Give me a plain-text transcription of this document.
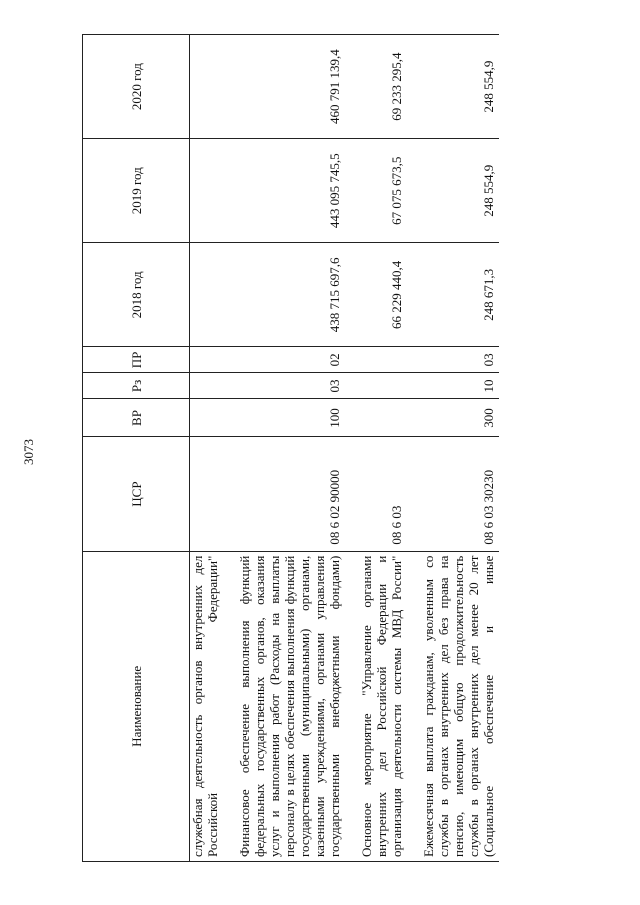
3073
Наименование	ЦСР	ВР	Рз	ПР	2018 год	2019 год	2020 год
служебная деятельность органов внутренних дел Российской Федерации"							

Финансовое обеспечение выполнения функций федеральных государственных органов, оказания услуг и выполнения работ (Расходы на выплаты персоналу в целях обеспечения выполнения функций государственными (муниципальными) органами, казенными учреждениями, органами управления государственными внебюджетными фондами)	08 6 02 90000	100	03	02	438 715 697,6	443 095 745,5	460 791 139,4

Основное мероприятие "Управление органами внутренних дел Российской Федерации и организация деятельности системы МВД России"	08 6 03				66 229 440,4	67 075 673,5	69 233 295,4

Ежемесячная выплата гражданам, уволенным со службы в органах внутренних дел без права на пенсию, имеющим общую продолжительность службы в органах внутренних дел менее 20 лет (Социальное обеспечение и иные	08 6 03 30230	300	10	03	248 671,3	248 554,9	248 554,9
